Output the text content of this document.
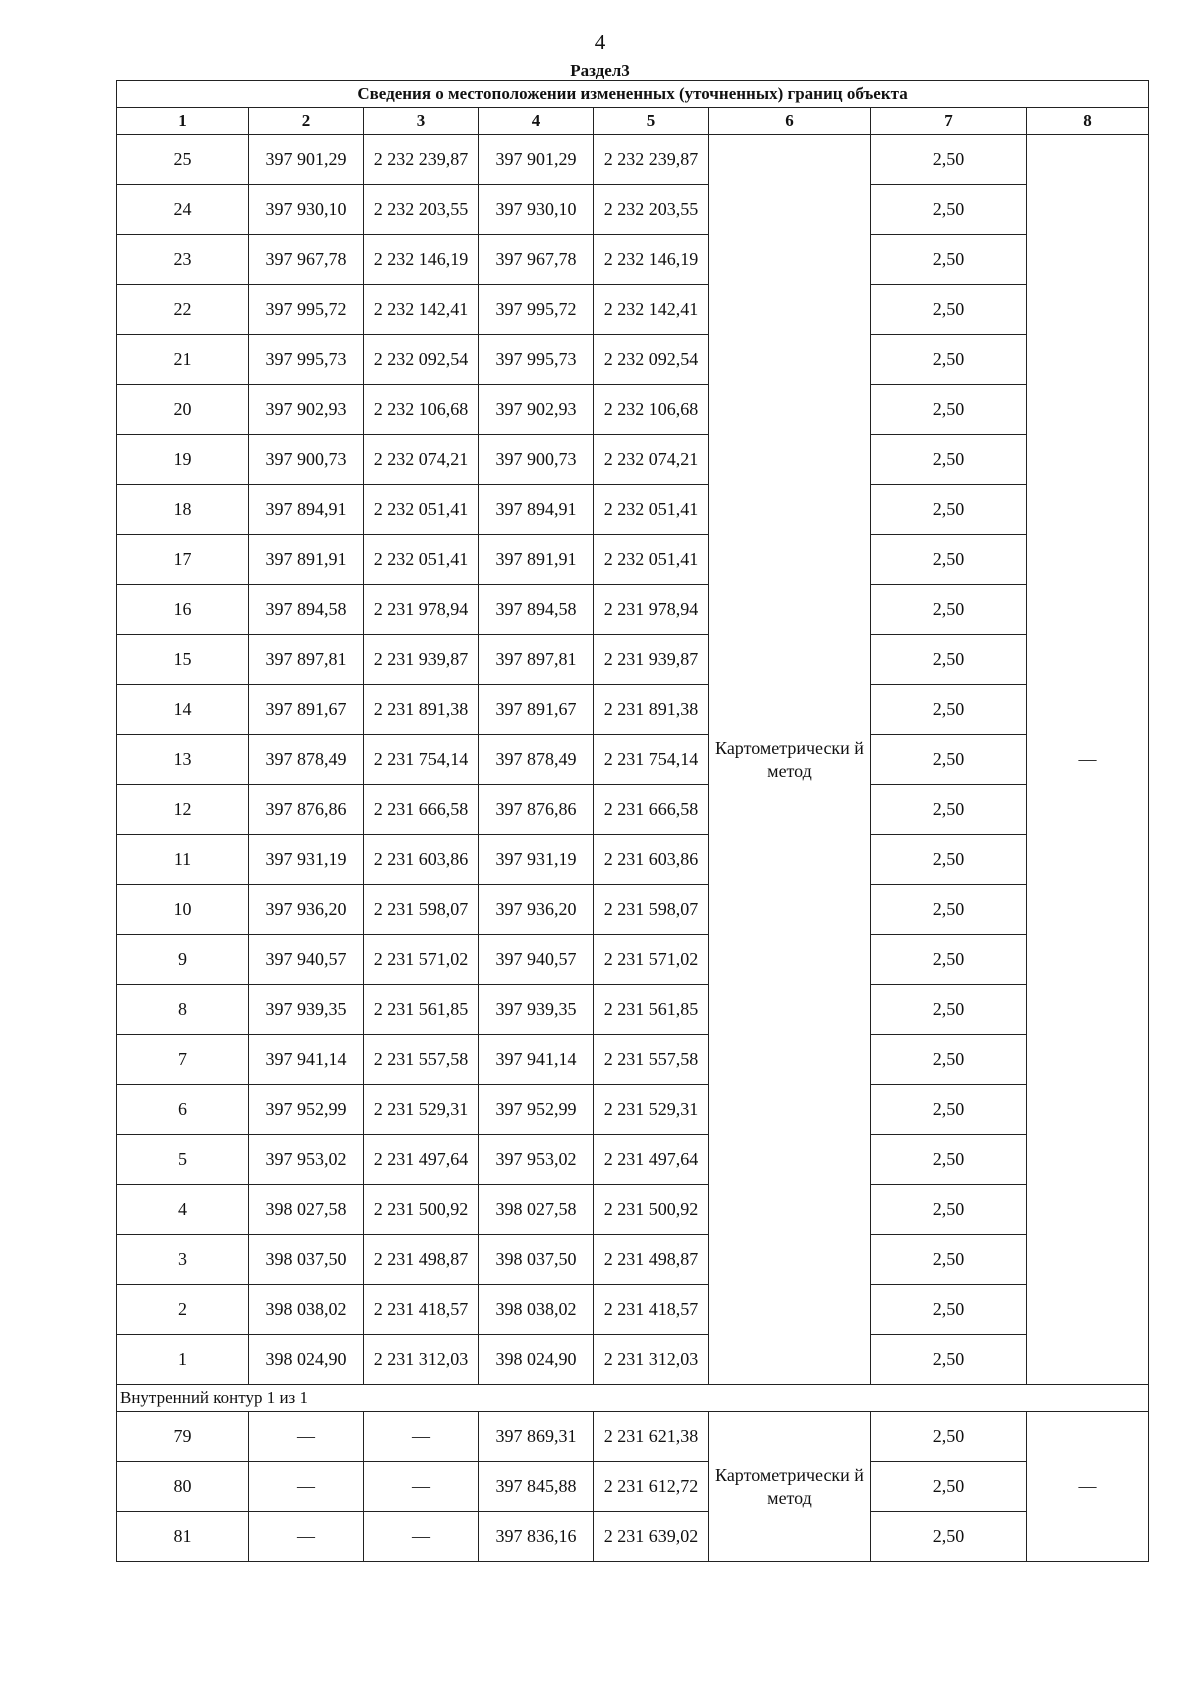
4
Раздел3
Сведения о местоположении измененных (уточненных) границ объекта							
1	2	3	4	5	6	7	8
25	397 901,29	2 232 239,87	397 901,29	2 232 239,87	Картометрически й метод	2,50	—
24	397 930,10	2 232 203,55	397 930,10	2 232 203,55		2,50	
23	397 967,78	2 232 146,19	397 967,78	2 232 146,19		2,50	
22	397 995,72	2 232 142,41	397 995,72	2 232 142,41		2,50	
21	397 995,73	2 232 092,54	397 995,73	2 232 092,54		2,50	
20	397 902,93	2 232 106,68	397 902,93	2 232 106,68		2,50	
19	397 900,73	2 232 074,21	397 900,73	2 232 074,21		2,50	
18	397 894,91	2 232 051,41	397 894,91	2 232 051,41		2,50	
17	397 891,91	2 232 051,41	397 891,91	2 232 051,41		2,50	
16	397 894,58	2 231 978,94	397 894,58	2 231 978,94		2,50	
15	397 897,81	2 231 939,87	397 897,81	2 231 939,87		2,50	
14	397 891,67	2 231 891,38	397 891,67	2 231 891,38		2,50	
13	397 878,49	2 231 754,14	397 878,49	2 231 754,14		2,50	
12	397 876,86	2 231 666,58	397 876,86	2 231 666,58		2,50	
11	397 931,19	2 231 603,86	397 931,19	2 231 603,86		2,50	
10	397 936,20	2 231 598,07	397 936,20	2 231 598,07		2,50	
9	397 940,57	2 231 571,02	397 940,57	2 231 571,02		2,50	
8	397 939,35	2 231 561,85	397 939,35	2 231 561,85		2,50	
7	397 941,14	2 231 557,58	397 941,14	2 231 557,58		2,50	
6	397 952,99	2 231 529,31	397 952,99	2 231 529,31		2,50	
5	397 953,02	2 231 497,64	397 953,02	2 231 497,64		2,50	
4	398 027,58	2 231 500,92	398 027,58	2 231 500,92		2,50	
3	398 037,50	2 231 498,87	398 037,50	2 231 498,87		2,50	
2	398 038,02	2 231 418,57	398 038,02	2 231 418,57		2,50	
1	398 024,90	2 231 312,03	398 024,90	2 231 312,03		2,50	
Внутренний контур 1 из 1							
79	—	—	397 869,31	2 231 621,38	Картометрически й метод	2,50	—
80	—	—	397 845,88	2 231 612,72		2,50	
81	—	—	397 836,16	2 231 639,02		2,50	
